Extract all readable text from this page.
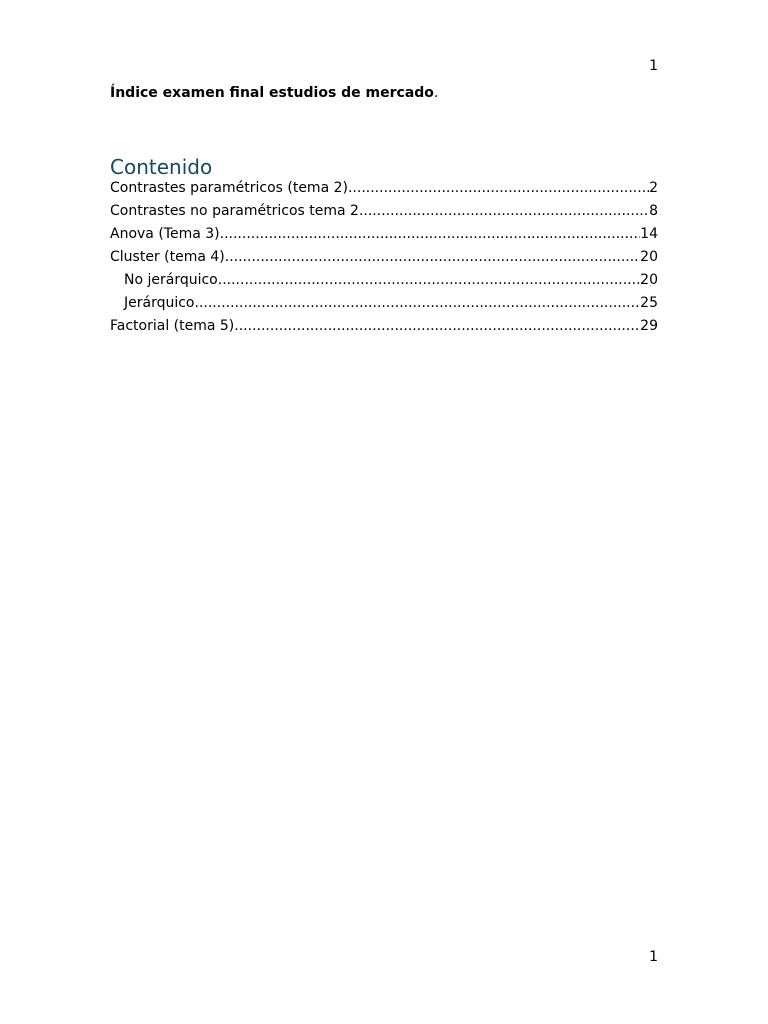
1
Índice examen final estudios de mercado.
Contenido
Contrastes paramétricos (tema 2) .....	2
Contrastes no paramétricos tema 2 .....	8
Anova (Tema 3) .....	14
Cluster (tema 4) .....	20
No jerárquico .....	20
Jerárquico .....	25
Factorial (tema 5) .....	29
1
